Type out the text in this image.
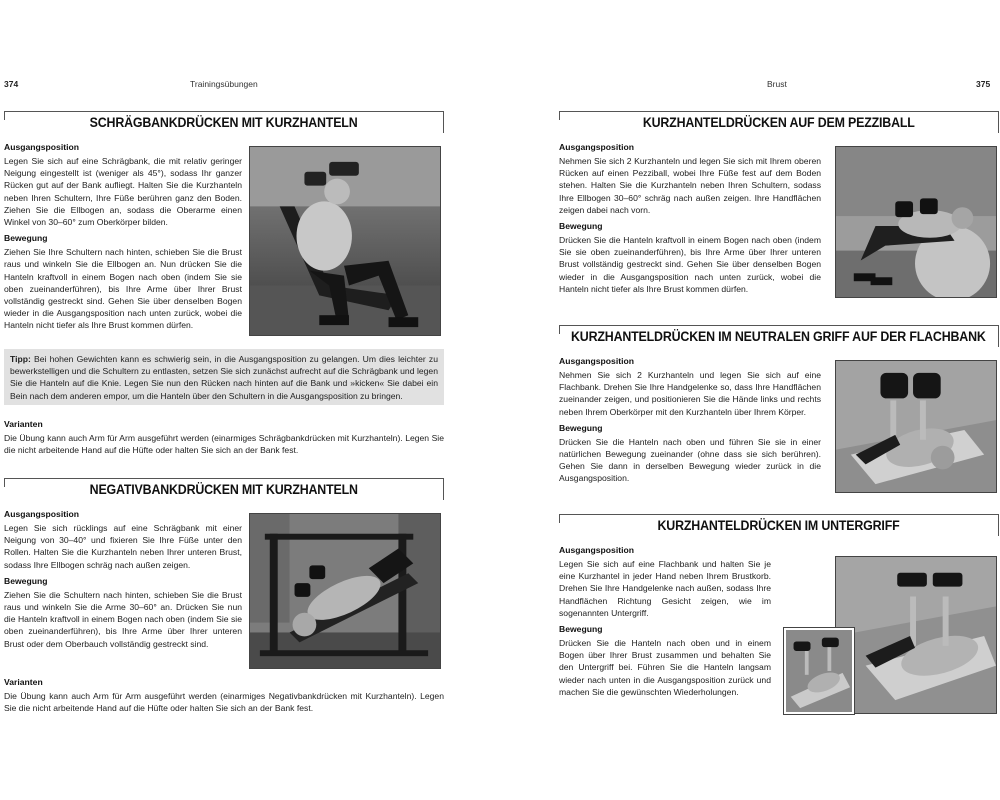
374	Trainingsübungen
SCHRÄGBANKDRÜCKEN MIT KURZHANTELN
Ausgangsposition
Legen Sie sich auf eine Schrägbank, die mit relativ geringer Neigung eingestellt ist (weniger als 45°), sodass Ihr ganzer Rücken gut auf der Bank aufliegt. Halten Sie die Kurzhanteln neben Ihren Schultern, Ihre Füße berühren ganz den Boden. Ziehen Sie die Ellbogen an, sodass die Oberarme einen Winkel von 30–60° zum Oberkörper bilden.
Bewegung
Ziehen Sie Ihre Schultern nach hinten, schieben Sie die Brust raus und winkeln Sie die Ellbogen an. Nun drücken Sie die Hanteln kraftvoll in einem Bogen nach oben (indem Sie sie oben zueinanderführen), bis Ihre Arme über Ihrer Brust vollständig gestreckt sind. Gehen Sie über denselben Bogen wieder in die Ausgangsposition nach unten zurück, wobei die Hanteln nicht tiefer als Ihre Brust kommen dürfen.
Tipp: Bei hohen Gewichten kann es schwierig sein, in die Ausgangsposition zu gelangen. Um dies leichter zu bewerkstelligen und die Schultern zu entlasten, setzen Sie sich zunächst aufrecht auf die Schrägbank und legen Sie die Hanteln auf die Knie. Legen Sie nun den Rücken nach hinten auf die Bank und »kicken« Sie dabei ein Bein nach dem anderen empor, um die Hanteln über den Schultern in die Ausgangsposition zu bringen.
Varianten
Die Übung kann auch Arm für Arm ausgeführt werden (einarmiges Schrägbankdrücken mit Kurzhanteln). Legen Sie die nicht arbeitende Hand auf die Hüfte oder halten Sie sich an der Bank fest.
NEGATIVBANKDRÜCKEN MIT KURZHANTELN
Ausgangsposition
Legen Sie sich rücklings auf eine Schrägbank mit einer Neigung von 30–40° und fixieren Sie Ihre Füße unter den Rollen. Halten Sie die Kurzhanteln neben Ihrer unteren Brust, sodass Ihre Ellbogen schräg nach außen zeigen.
Bewegung
Ziehen Sie die Schultern nach hinten, schieben Sie die Brust raus und winkeln Sie die Arme 30–60° an. Drücken Sie nun die Hanteln kraftvoll in einem Bogen nach oben (indem Sie sie oben zueinanderführen), bis Ihre Arme über Ihrer unteren Brust oder dem Oberbauch vollständig gestreckt sind.
Varianten
Die Übung kann auch Arm für Arm ausgeführt werden (einarmiges Negativbankdrücken mit Kurzhanteln). Legen Sie die nicht arbeitende Hand auf die Hüfte oder halten Sie sich an der Bank fest.
Brust	375
KURZHANTELDRÜCKEN AUF DEM PEZZIBALL
Ausgangsposition
Nehmen Sie sich 2 Kurzhanteln und legen Sie sich mit Ihrem oberen Rücken auf einen Pezziball, wobei Ihre Füße fest auf dem Boden stehen. Halten Sie die Kurzhanteln neben Ihren Schultern, sodass Ihre Ellbogen 30–60° schräg nach außen zeigen. Ihre Handflächen zeigen dabei nach vorn.
Bewegung
Drücken Sie die Hanteln kraftvoll in einem Bogen nach oben (indem Sie sie oben zueinanderführen), bis Ihre Arme über Ihrer unteren Brust vollständig gestreckt sind. Gehen Sie über denselben Bogen wieder in die Ausgangsposition nach unten zurück, wobei die Hanteln nicht tiefer als Ihre Brust kommen dürfen.
KURZHANTELDRÜCKEN IM NEUTRALEN GRIFF AUF DER FLACHBANK
Ausgangsposition
Nehmen Sie sich 2 Kurzhanteln und legen Sie sich auf eine Flachbank. Drehen Sie Ihre Handgelenke so, dass Ihre Handflächen zueinander zeigen, und positionieren Sie die Hände links und rechts neben Ihrem Oberkörper mit den Kurzhanteln über Ihrem Körper.
Bewegung
Drücken Sie die Hanteln nach oben und führen Sie sie in einer natürlichen Bewegung zueinander (ohne dass sie sich berühren). Gehen Sie dann in derselben Bewegung wieder zurück in die Ausgangsposition.
KURZHANTELDRÜCKEN IM UNTERGRIFF
Ausgangsposition
Legen Sie sich auf eine Flachbank und halten Sie je eine Kurzhantel in jeder Hand neben Ihrem Brustkorb. Drehen Sie Ihre Handgelenke nach außen, sodass Ihre Handflächen Richtung Gesicht zeigen, wie im sogenannten Untergriff.
Bewegung
Drücken Sie die Hanteln nach oben und in einem Bogen über Ihrer Brust zusammen und behalten Sie den Untergriff bei. Führen Sie die Hanteln langsam wieder nach unten in die Ausgangsposition zurück und machen Sie die gewünschten Wiederholungen.
